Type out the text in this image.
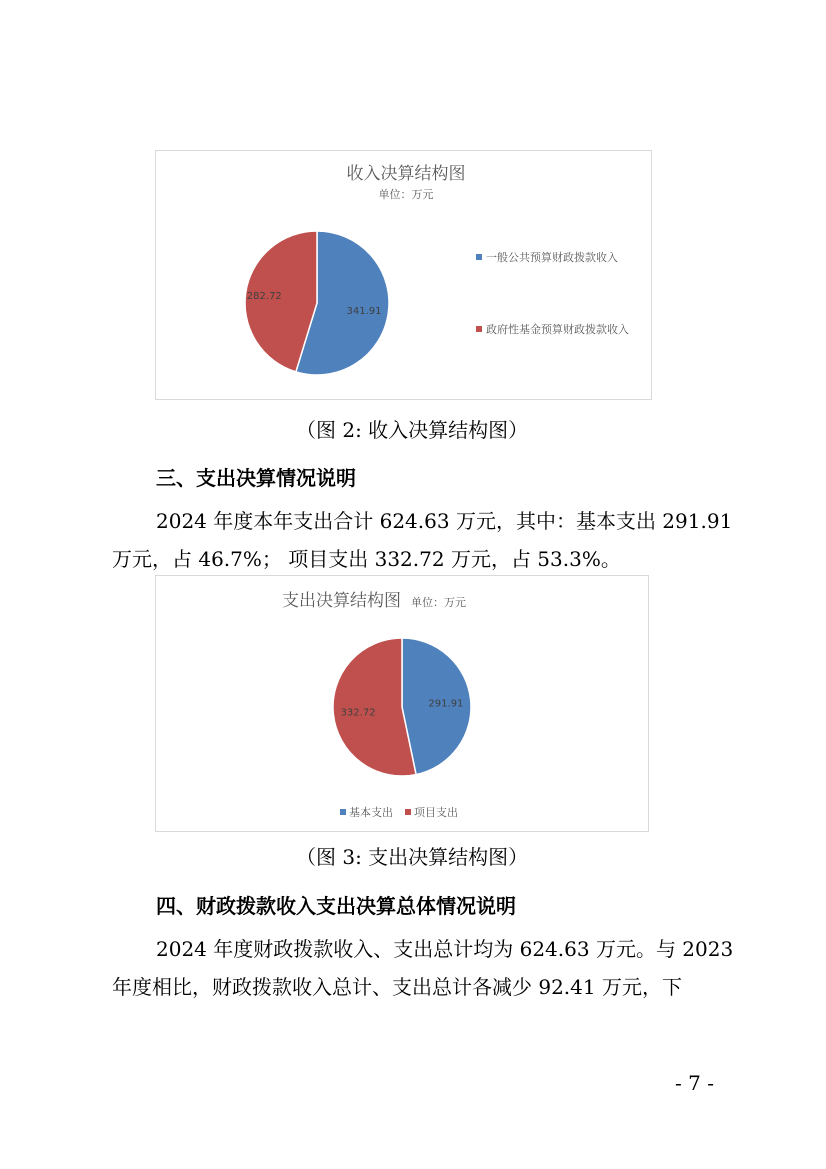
收入决算结构图
单位：万元
341.91
282.72
一般公共预算财政拨款收入
政府性基金预算财政拨款收入
（图 2: 收入决算结构图）
三、支出决算情况说明
2024 年度本年支出合计 624.63 万元，其中：基本支出 291.91
万元，占 46.7%； 项目支出 332.72 万元，占 53.3%。
支出决算结构图 单位：万元
291.91
332.72
基本支出 项目支出
（图 3: 支出决算结构图）
四、财政拨款收入支出决算总体情况说明
2024 年度财政拨款收入、支出总计均为 624.63 万元。与 2023
年度相比，财政拨款收入总计、支出总计各减少 92.41 万元，下
- 7 -
